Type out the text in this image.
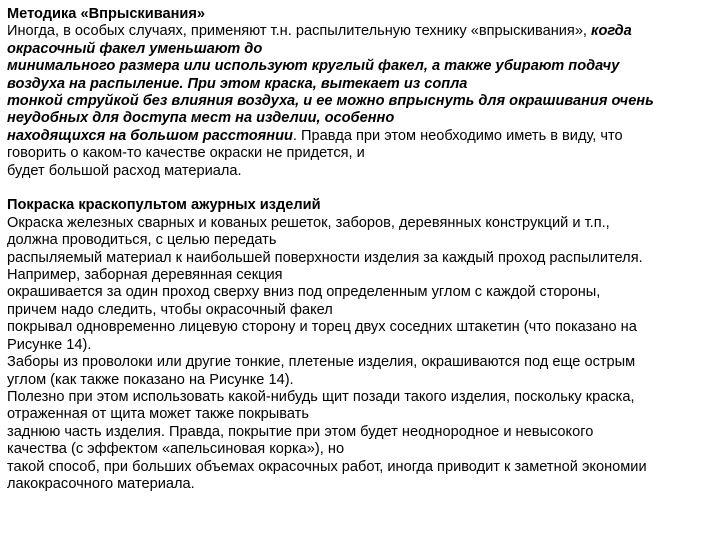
Методика «Впрыскивания»
Иногда, в особых случаях, применяют т.н. распылительную технику «впрыскивания», когда
окрасочный факел уменьшают до
минимального размера или используют круглый факел, а также убирают подачу
воздуха на распыление. При этом краска, вытекает из сопла
тонкой струйкой без влияния воздуха, и ее можно впрыснуть для окрашивания очень
неудобных для доступа мест на изделии, особенно
находящихся на большом расстоянии. Правда при этом необходимо иметь в виду, что
говорить о каком-то качестве окраски не придется, и
будет большой расход материала.
Покраска краскопультом ажурных изделий
Окраска железных сварных и кованых решеток, заборов, деревянных конструкций и т.п.,
должна проводиться, с целью передать
распыляемый материал к наибольшей поверхности изделия за каждый проход распылителя.
Например, заборная деревянная секция
окрашивается за один проход сверху вниз под определенным углом с каждой стороны,
причем надо следить, чтобы окрасочный факел
покрывал одновременно лицевую сторону и торец двух соседних штакетин (что показано на
Рисунке 14).
Заборы из проволоки или другие тонкие, плетеные изделия, окрашиваются под еще острым
углом (как также показано на Рисунке 14).
Полезно при этом использовать какой-нибудь щит позади такого изделия, поскольку краска,
отраженная от щита может также покрывать
заднюю часть изделия. Правда, покрытие при этом будет неоднородное и невысокого
качества (с эффектом «апельсиновая корка»), но
такой способ, при больших объемах окрасочных работ, иногда приводит к заметной экономии
лакокрасочного материала.
